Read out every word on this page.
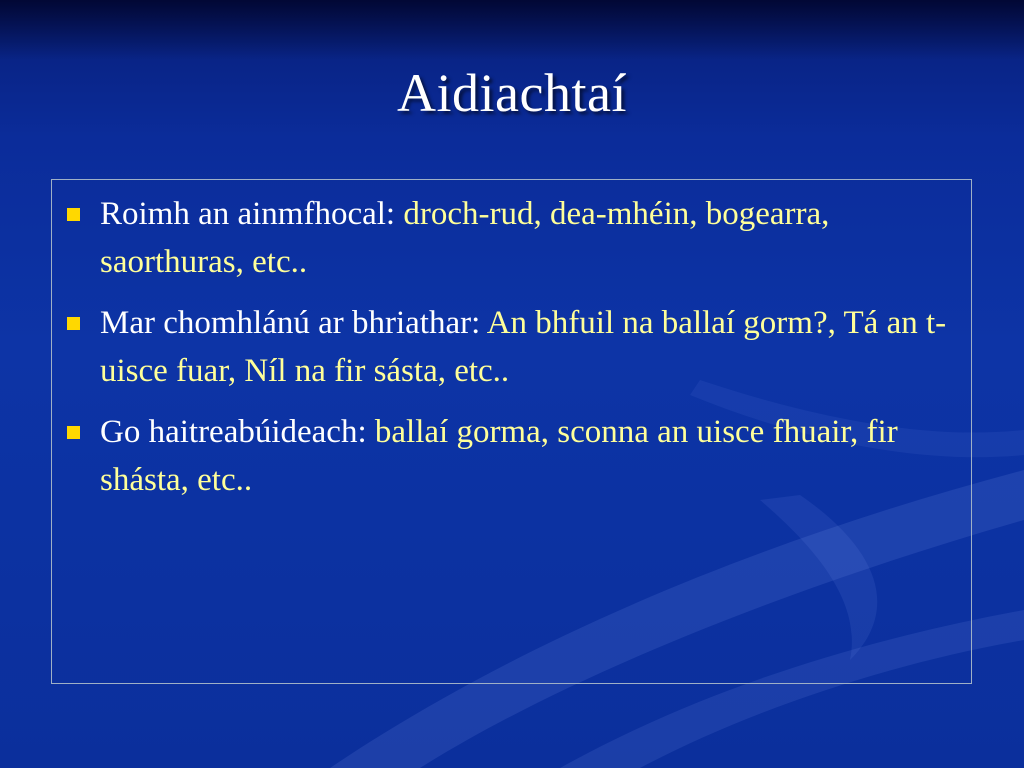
Aidiachtaí
Roimh an ainmfhocal: droch-rud, dea-mhéin, bogearra, saorthuras, etc..
Mar chomhlánú ar bhriathar: An bhfuil na ballaí gorm?, Tá an t-uisce fuar, Níl na fir sásta, etc..
Go haitreabúideach: ballaí gorma, sconna an uisce fhuair, fir shásta, etc..
